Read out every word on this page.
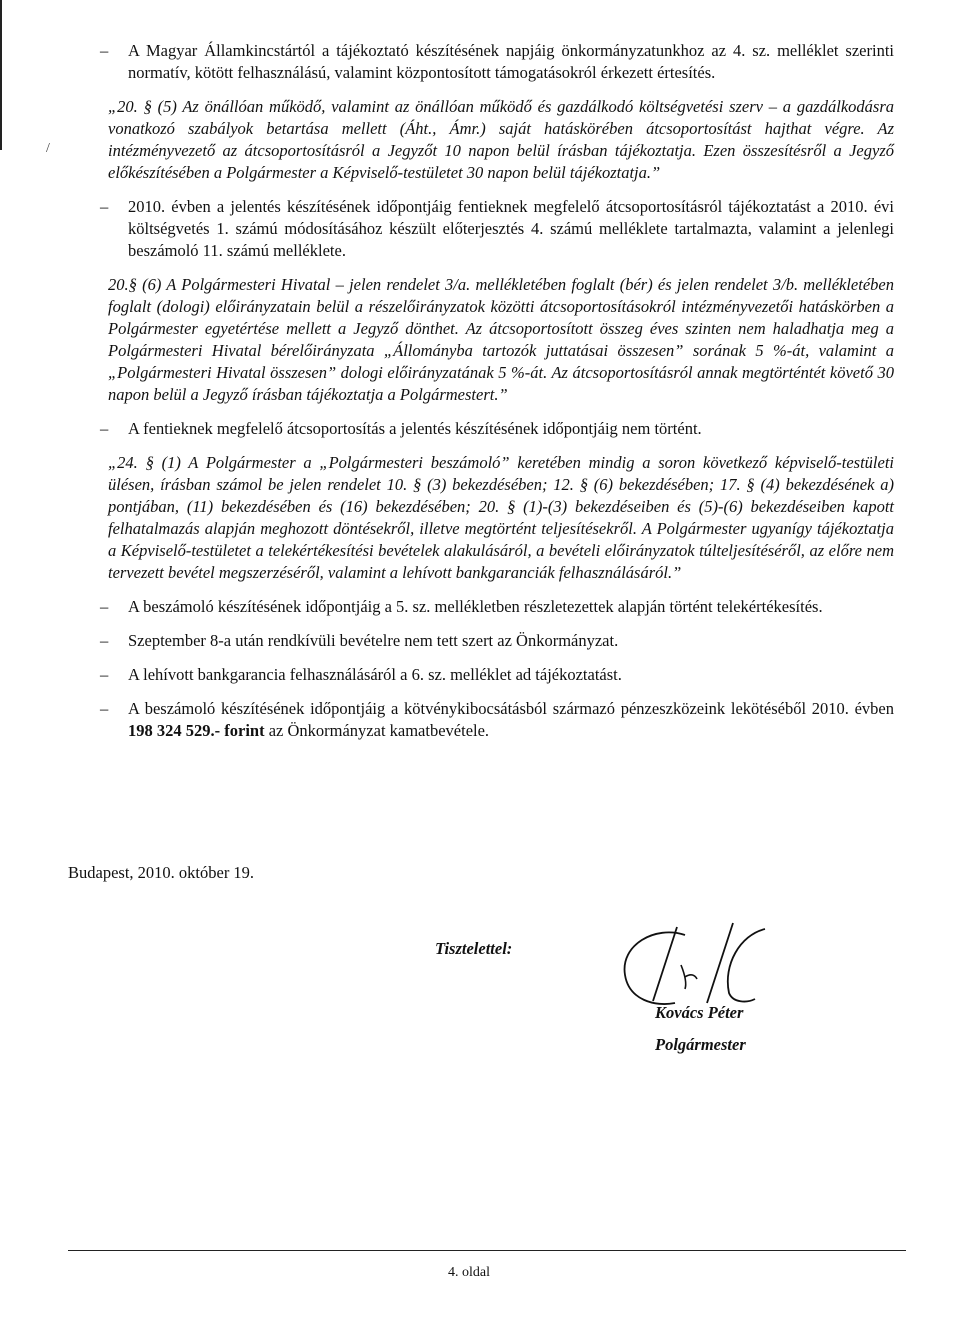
/

– A Magyar Államkincstártól a tájékoztató készítésének napjáig önkormányzatunkhoz az 4. sz. melléklet szerinti normatív, kötött felhasználású, valamint központosított támogatásokról érkezett értesítés.

„20. § (5) Az önállóan működő, valamint az önállóan működő és gazdálkodó költségvetési szerv – a gazdálkodásra vonatkozó szabályok betartása mellett (Áht., Ámr.) saját hatáskörében átcsoportosítást hajthat végre. Az intézményvezető az átcsoportosításról a Jegyzőt 10 napon belül írásban tájékoztatja. Ezen összesítésről a Jegyző előkészítésében a Polgármester a Képviselő-testületet 30 napon belül tájékoztatja.”

– 2010. évben a jelentés készítésének időpontjáig fentieknek megfelelő átcsoportosításról tájékoztatást a 2010. évi költségvetés 1. számú módosításához készült előterjesztés 4. számú melléklete tartalmazta, valamint a jelenlegi beszámoló 11. számú melléklete.

20.§ (6) A Polgármesteri Hivatal – jelen rendelet 3/a. mellékletében foglalt (bér) és jelen rendelet 3/b. mellékletében foglalt (dologi) előirányzatain belül a részelőirányzatok közötti átcsoportosításokról intézményvezetői hatáskörben a Polgármester egyetértése mellett a Jegyző dönthet. Az átcsoportosított összeg éves szinten nem haladhatja meg a Polgármesteri Hivatal bérelőirányzata „Állományba tartozók juttatásai összesen” sorának 5 %-át, valamint a „Polgármesteri Hivatal összesen” dologi előirányzatának 5 %-át. Az átcsoportosításról annak megtörténtét követő 30 napon belül a Jegyző írásban tájékoztatja a Polgármestert.”

– A fentieknek megfelelő átcsoportosítás a jelentés készítésének időpontjáig nem történt.

„24. § (1) A Polgármester a „Polgármesteri beszámoló” keretében mindig a soron következő képviselő-testületi ülésen, írásban számol be jelen rendelet 10. § (3) bekezdésében; 12. § (6) bekezdésében; 17. § (4) bekezdésének a) pontjában, (11) bekezdésében és (16) bekezdésében; 20. § (1)-(3) bekezdéseiben és (5)-(6) bekezdéseiben kapott felhatalmazás alapján meghozott döntésekről, illetve megtörtént teljesítésekről. A Polgármester ugyanígy tájékoztatja a Képviselő-testületet a telekértékesítési bevételek alakulásáról, a bevételi előirányzatok túlteljesítéséről, az előre nem tervezett bevétel megszerzéséről, valamint a lehívott bankgaranciák felhasználásáról.”

– A beszámoló készítésének időpontjáig a 5. sz. mellékletben részletezettek alapján történt telekértékesítés.

– Szeptember 8-a után rendkívüli bevételre nem tett szert az Önkormányzat.

– A lehívott bankgarancia felhasználásáról a 6. sz. melléklet ad tájékoztatást.

– A beszámoló készítésének időpontjáig a kötvénykibocsátásból származó pénzeszközeink lekötéséből 2010. évben 198 324 529.- forint az Önkormányzat kamatbevétele.

Budapest, 2010. október 19.
Tisztelettel:
Kovács Péter
Polgármester
4. oldal
